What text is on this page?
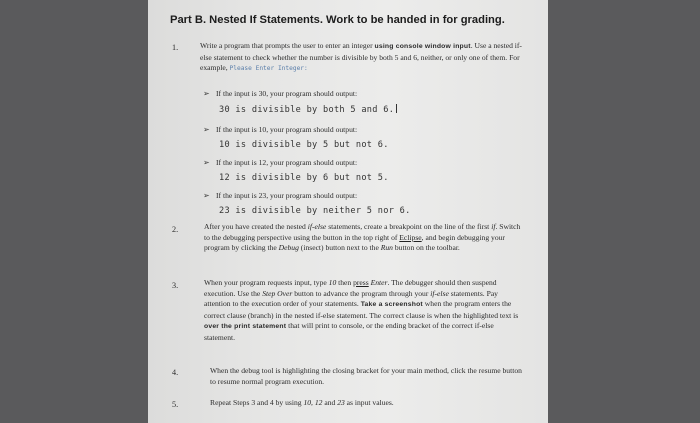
Part B. Nested If Statements. Work to be handed in for grading.
1.	Write a program that prompts the user to enter an integer using console window input. Use a nested if-else statement to check whether the number is divisible by both 5 and 6, neither, or only one of them. For example, Please Enter Integer:
➢ If the input is 30, your program should output:
30 is divisible by both 5 and 6.
➢ If the input is 10, your program should output:
10 is divisible by 5 but not 6.
➢ If the input is 12, your program should output:
12 is divisible by 6 but not 5.
➢ If the input is 23, your program should output:
23 is divisible by neither 5 nor 6.
2.	After you have created the nested if-else statements, create a breakpoint on the line of the first if. Switch to the debugging perspective using the button in the top right of Eclipse, and begin debugging your program by clicking the Debug (insect) button next to the Run button on the toolbar.
3.	When your program requests input, type 10 then press Enter. The debugger should then suspend execution. Use the Step Over button to advance the program through your if-else statements. Pay attention to the execution order of your statements. Take a screenshot when the program enters the correct clause (branch) in the nested if-else statement. The correct clause is when the highlighted text is over the print statement that will print to console, or the ending bracket of the correct if-else statement.
4.	When the debug tool is highlighting the closing bracket for your main method, click the resume button to resume normal program execution.
5.	Repeat Steps 3 and 4 by using 10, 12 and 23 as input values.
